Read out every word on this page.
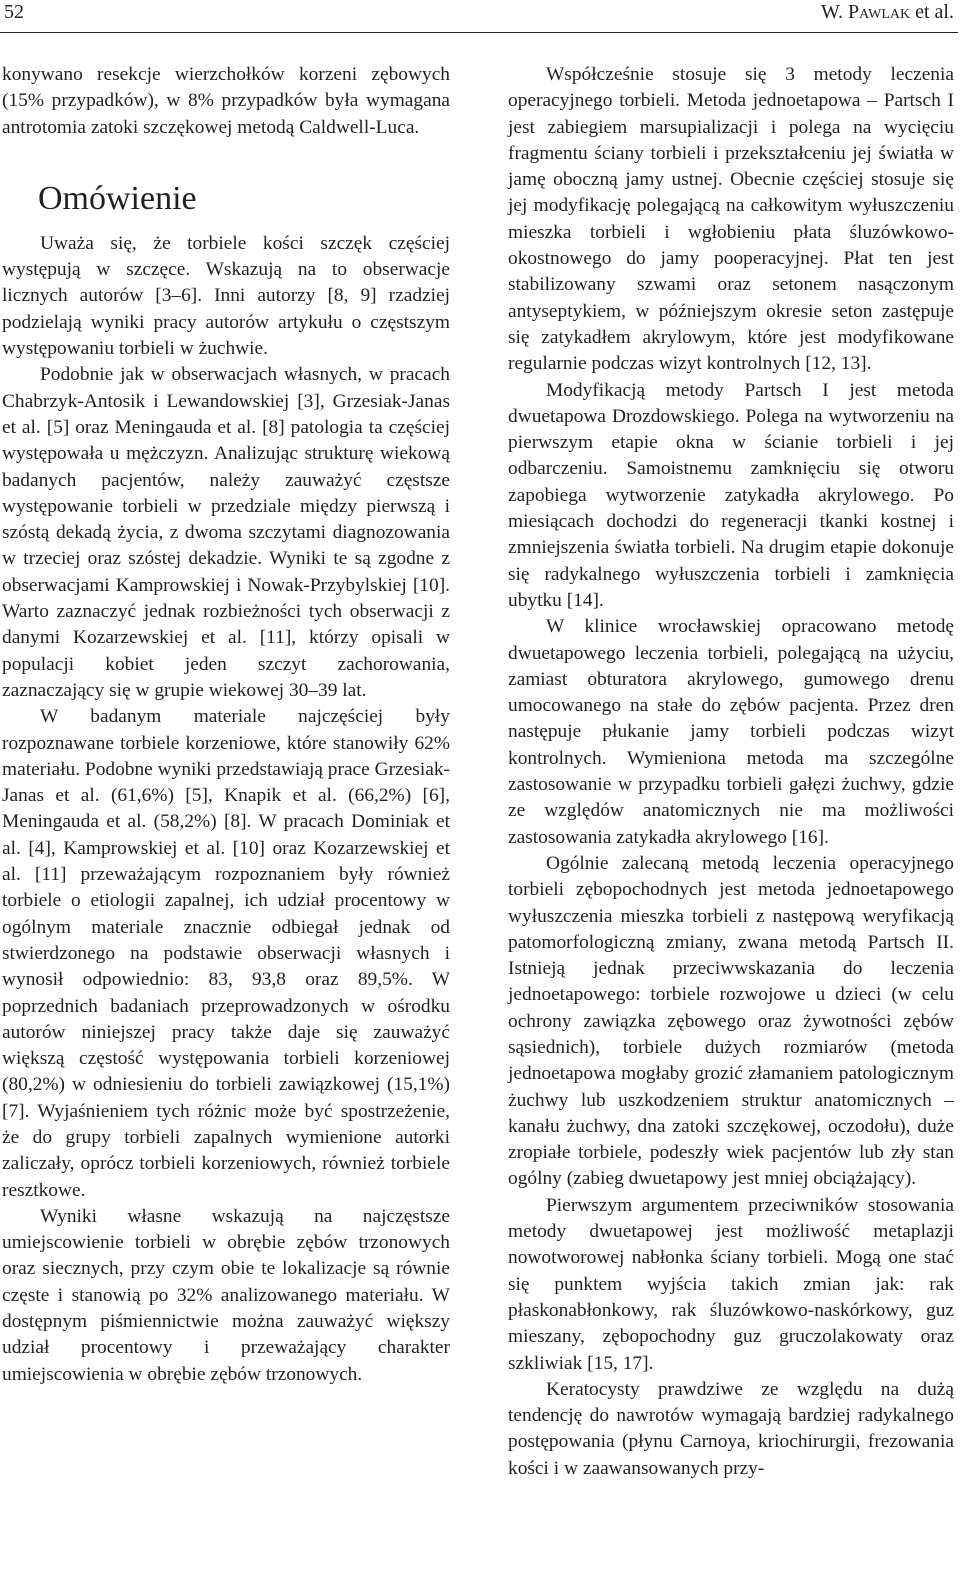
52	W. Pawlak et al.

konywano resekcje wierzchołków korzeni zębowych (15% przypadków), w 8% przypadków była wymagana antrotomia zatoki szczękowej metodą Caldwell-Luca.

Omówienie

Uważa się, że torbiele kości szczęk częściej występują w szczęce. Wskazują na to obserwacje licznych autorów [3–6]. Inni autorzy [8, 9] rzadziej podzielają wyniki pracy autorów artykułu o częstszym występowaniu torbieli w żuchwie.

Podobnie jak w obserwacjach własnych, w pracach Chabrzyk-Antosik i Lewandowskiej [3], Grzesiak-Janas et al. [5] oraz Meningauda et al. [8] patologia ta częściej występowała u mężczyzn. Analizując strukturę wiekową badanych pacjentów, należy zauważyć częstsze występowanie torbieli w przedziale między pierwszą i szóstą dekadą życia, z dwoma szczytami diagnozowania w trzeciej oraz szóstej dekadzie. Wyniki te są zgodne z obserwacjami Kamprowskiej i Nowak-Przybylskiej [10]. Warto zaznaczyć jednak rozbieżności tych obserwacji z danymi Kozarzewskiej et al. [11], którzy opisali w populacji kobiet jeden szczyt zachorowania, zaznaczający się w grupie wiekowej 30–39 lat.

W badanym materiale najczęściej były rozpoznawane torbiele korzeniowe, które stanowiły 62% materiału. Podobne wyniki przedstawiają prace Grzesiak-Janas et al. (61,6%) [5], Knapik et al. (66,2%) [6], Meningauda et al. (58,2%) [8]. W pracach Dominiak et al. [4], Kamprowskiej et al. [10] oraz Kozarzewskiej et al. [11] przeważającym rozpoznaniem były również torbiele o etiologii zapalnej, ich udział procentowy w ogólnym materiale znacznie odbiegał jednak od stwierdzonego na podstawie obserwacji własnych i wynosił odpowiednio: 83, 93,8 oraz 89,5%. W poprzednich badaniach przeprowadzonych w ośrodku autorów niniejszej pracy także daje się zauważyć większą częstość występowania torbieli korzeniowej (80,2%) w odniesieniu do torbieli zawiązkowej (15,1%) [7]. Wyjaśnieniem tych różnic może być spostrzeżenie, że do grupy torbieli zapalnych wymienione autorki zaliczały, oprócz torbieli korzeniowych, również torbiele resztkowe.

Wyniki własne wskazują na najczęstsze umiejscowienie torbieli w obrębie zębów trzonowych oraz siecznych, przy czym obie te lokalizacje są równie częste i stanowią po 32% analizowanego materiału. W dostępnym piśmiennictwie można zauważyć większy udział procentowy i przeważający charakter umiejscowienia w obrębie zębów trzonowych.

Współcześnie stosuje się 3 metody leczenia operacyjnego torbieli. Metoda jednoetapowa – Partsch I jest zabiegiem marsupializacji i polega na wycięciu fragmentu ściany torbieli i przekształceniu jej światła w jamę oboczną jamy ustnej. Obecnie częściej stosuje się jej modyfikację polegającą na całkowitym wyłuszczeniu mieszka torbieli i wgłobieniu płata śluzówkowo-okostnowego do jamy pooperacyjnej. Płat ten jest stabilizowany szwami oraz setonem nasączonym antyseptykiem, w późniejszym okresie seton zastępuje się zatykadłem akrylowym, które jest modyfikowane regularnie podczas wizyt kontrolnych [12, 13].

Modyfikacją metody Partsch I jest metoda dwuetapowa Drozdowskiego. Polega na wytworzeniu na pierwszym etapie okna w ścianie torbieli i jej odbarczeniu. Samoistnemu zamknięciu się otworu zapobiega wytworzenie zatykadła akrylowego. Po miesiącach dochodzi do regeneracji tkanki kostnej i zmniejszenia światła torbieli. Na drugim etapie dokonuje się radykalnego wyłuszczenia torbieli i zamknięcia ubytku [14].

W klinice wrocławskiej opracowano metodę dwuetapowego leczenia torbieli, polegającą na użyciu, zamiast obturatora akrylowego, gumowego drenu umocowanego na stałe do zębów pacjenta. Przez dren następuje płukanie jamy torbieli podczas wizyt kontrolnych. Wymieniona metoda ma szczególne zastosowanie w przypadku torbieli gałęzi żuchwy, gdzie ze względów anatomicznych nie ma możliwości zastosowania zatykadła akrylowego [16].

Ogólnie zalecaną metodą leczenia operacyjnego torbieli zębopochodnych jest metoda jednoetapowego wyłuszczenia mieszka torbieli z następową weryfikacją patomorfologiczną zmiany, zwana metodą Partsch II. Istnieją jednak przeciwwskazania do leczenia jednoetapowego: torbiele rozwojowe u dzieci (w celu ochrony zawiązka zębowego oraz żywotności zębów sąsiednich), torbiele dużych rozmiarów (metoda jednoetapowa mogłaby grozić złamaniem patologicznym żuchwy lub uszkodzeniem struktur anatomicznych – kanału żuchwy, dna zatoki szczękowej, oczodołu), duże zropiałe torbiele, podeszły wiek pacjentów lub zły stan ogólny (zabieg dwuetapowy jest mniej obciążający).

Pierwszym argumentem przeciwników stosowania metody dwuetapowej jest możliwość metaplazji nowotworowej nabłonka ściany torbieli. Mogą one stać się punktem wyjścia takich zmian jak: rak płaskonabłonkowy, rak śluzówkowo-naskórkowy, guz mieszany, zębopochodny guz gruczolakowaty oraz szkliwiak [15, 17].

Keratocysty prawdziwe ze względu na dużą tendencję do nawrotów wymagają bardziej radykalnego postępowania (płynu Carnoya, kriochirurgii, frezowania kości i w zaawansowanych przy-
